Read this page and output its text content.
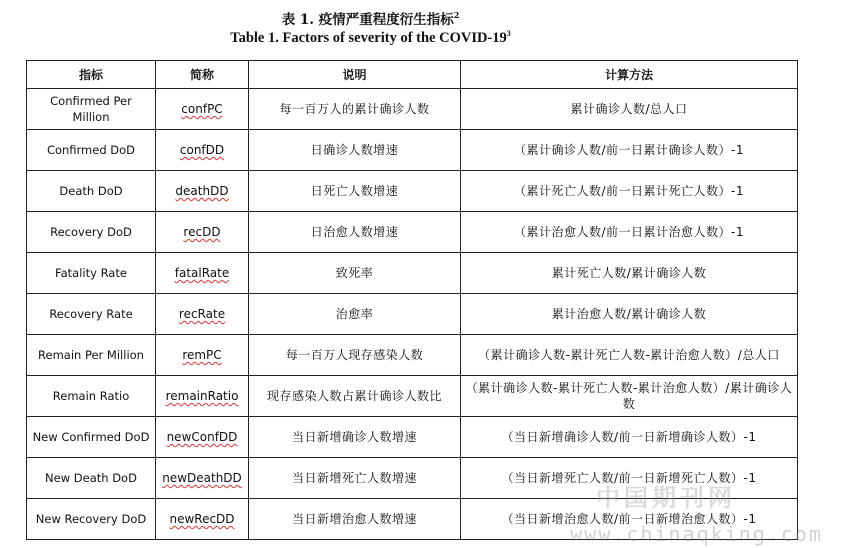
表 1. 疫情严重程度衍生指标$^2$
Table 1. Factors of severity of the COVID-$19^3$
指标	简称	说明	计算方法
Confirmed Per Million	confPC	每一百万人的累计确诊人数	累计确诊人数/总人口
Confirmed DoD	confDD	日确诊人数增速	（累计确诊人数/前一日累计确诊人数）-1
Death DoD	deathDD	日死亡人数增速	（累计死亡人数/前一日累计死亡人数）-1
Recovery DoD	recDD	日治愈人数增速	（累计治愈人数/前一日累计治愈人数）-1
Fatality Rate	fatalRate	致死率	累计死亡人数/累计确诊人数
Recovery Rate	recRate	治愈率	累计治愈人数/累计确诊人数
Remain Per Million	remPC	每一百万人现存感染人数	（累计确诊人数-累计死亡人数-累计治愈人数）/总人口
Remain Ratio	remainRatio	现存感染人数占累计确诊人数比	（累计确诊人数-累计死亡人数-累计治愈人数）/累计确诊人数
New Confirmed DoD	newConfDD	当日新增确诊人数增速	（当日新增确诊人数/前一日新增确诊人数）-1
New Death DoD	newDeathDD	当日新增死亡人数增速	（当日新增死亡人数/前一日新增死亡人数）-1
New Recovery DoD	newRecDD	当日新增治愈人数增速	（当日新增治愈人数/前一日新增治愈人数）-1
中国期刊网
www.chinaqking.com
